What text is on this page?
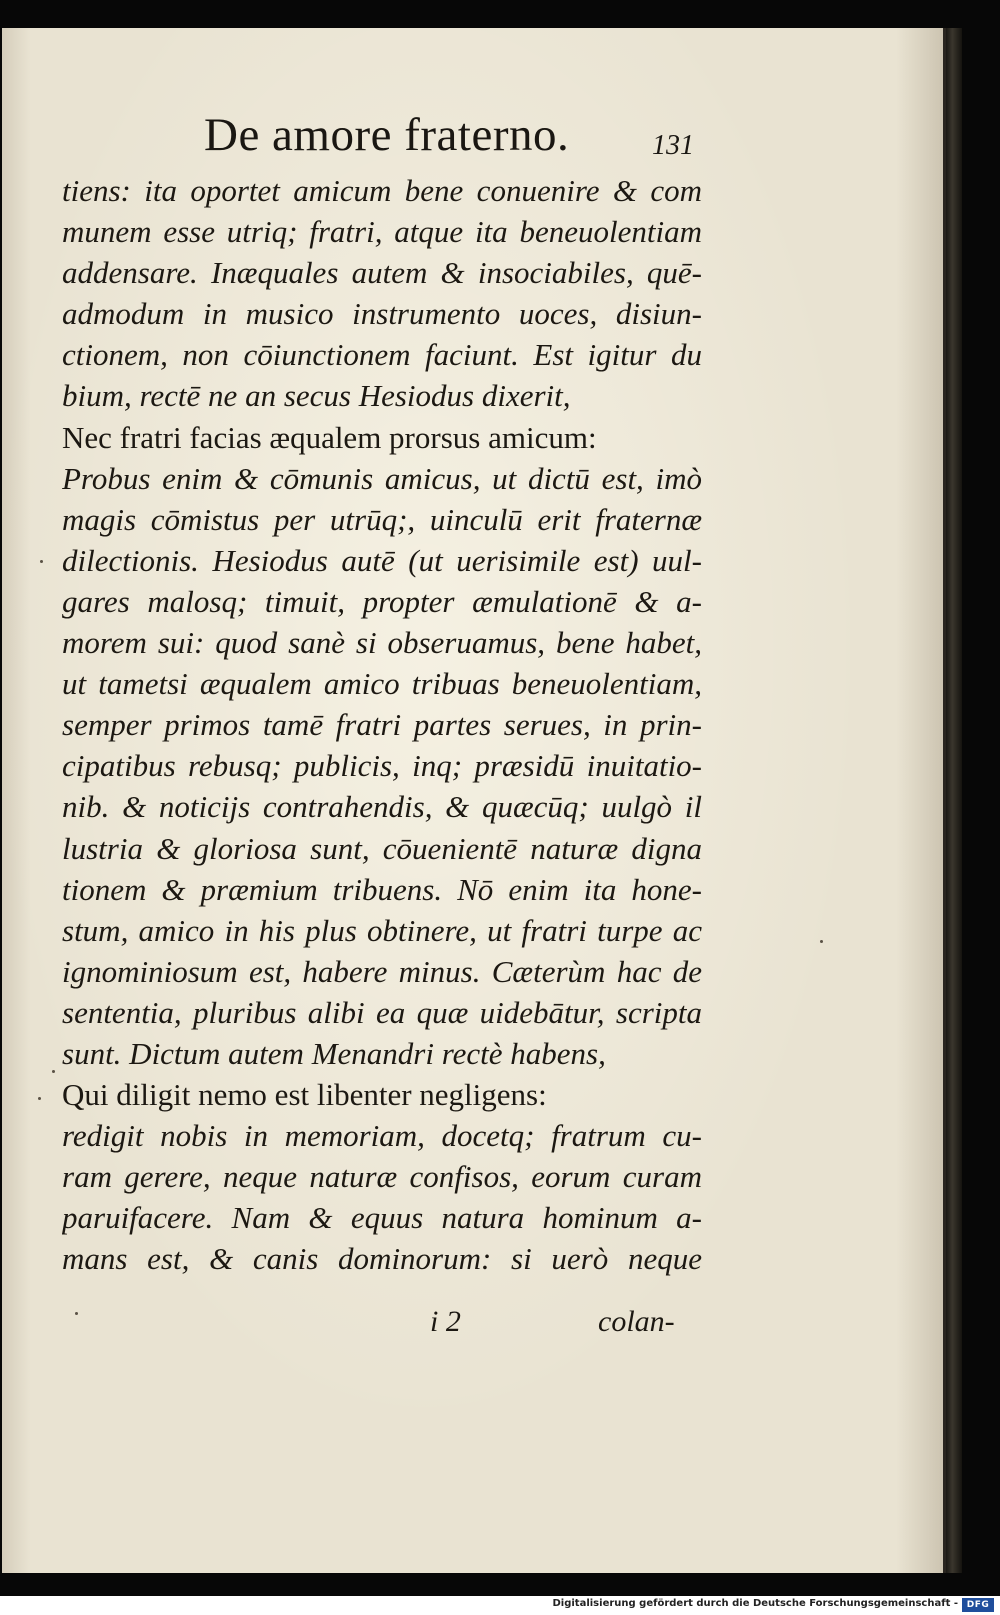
De amore fraterno.	131
tiens: ita oportet amicum bene conuenire & com
munem esse utriq; fratri, atque ita beneuolentiam
addensare. Inæquales autem & insociabiles, quē-
admodum in musico instrumento uoces, disiun-
ctionem, non cōiunctionem faciunt. Est igitur du
bium, rectē ne an secus Hesiodus dixerit,
Nec fratri facias æqualem prorsus amicum:
Probus enim & cōmunis amicus, ut dictū est, imò
magis cōmistus per utrūq;, uinculū erit fraternæ
dilectionis. Hesiodus autē (ut uerisimile est) uul-
gares malosq; timuit, propter æmulationē & a-
morem sui: quod sanè si obseruamus, bene habet,
ut tametsi æqualem amico tribuas beneuolentiam,
semper primos tamē fratri partes serues, in prin-
cipatibus rebusq; publicis, inq; præsidū inuitatio-
nib. & noticijs contrahendis, & quæcūq; uulgò il
lustria & gloriosa sunt, cōuenientē naturæ digna
tionem & præmium tribuens. Nō enim ita hone-
stum, amico in his plus obtinere, ut fratri turpe ac
ignominiosum est, habere minus. Cæterùm hac de
sententia, pluribus alibi ea quæ uidebātur, scripta
sunt. Dictum autem Menandri rectè habens,
Qui diligit nemo est libenter negligens:
redigit nobis in memoriam, docetq; fratrum cu-
ram gerere, neque naturæ confisos, eorum curam
paruifacere. Nam & equus natura hominum a-
mans est, & canis dominorum: si uerò neque
i 2	colan-
Digitalisierung gefördert durch die Deutsche Forschungsgemeinschaft - DFG
